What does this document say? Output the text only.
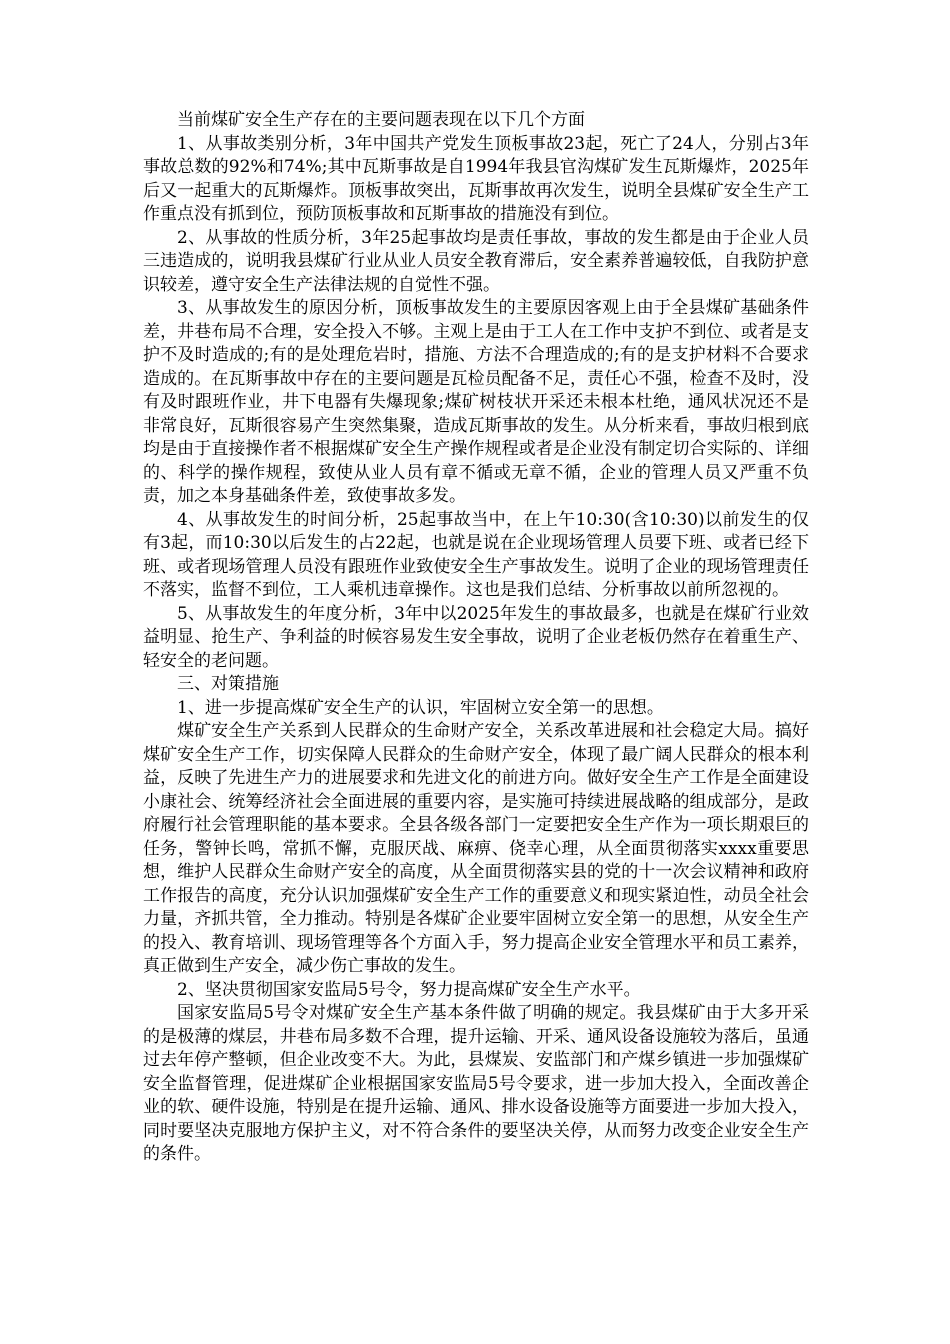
当前煤矿安全生产存在的主要问题表现在以下几个方面

1、从事故类别分析，3年中国共产党发生顶板事故23起，死亡了24人，分别占3年事故总数的92%和74%;其中瓦斯事故是自1994年我县官沟煤矿发生瓦斯爆炸，2025年后又一起重大的瓦斯爆炸。顶板事故突出，瓦斯事故再次发生，说明全县煤矿安全生产工作重点没有抓到位，预防顶板事故和瓦斯事故的措施没有到位。

2、从事故的性质分析，3年25起事故均是责任事故，事故的发生都是由于企业人员三违造成的，说明我县煤矿行业从业人员安全教育滞后，安全素养普遍较低，自我防护意识较差，遵守安全生产法律法规的自觉性不强。

3、从事故发生的原因分析，顶板事故发生的主要原因客观上由于全县煤矿基础条件差，井巷布局不合理，安全投入不够。主观上是由于工人在工作中支护不到位、或者是支护不及时造成的;有的是处理危岩时，措施、方法不合理造成的;有的是支护材料不合要求造成的。在瓦斯事故中存在的主要问题是瓦检员配备不足，责任心不强，检查不及时，没有及时跟班作业，井下电器有失爆现象;煤矿树枝状开采还未根本杜绝，通风状况还不是非常良好，瓦斯很容易产生突然集聚，造成瓦斯事故的发生。从分析来看，事故归根到底均是由于直接操作者不根据煤矿安全生产操作规程或者是企业没有制定切合实际的、详细的、科学的操作规程，致使从业人员有章不循或无章不循，企业的管理人员又严重不负责，加之本身基础条件差，致使事故多发。

4、从事故发生的时间分析，25起事故当中，在上午10:30(含10:30)以前发生的仅有3起，而10:30以后发生的占22起，也就是说在企业现场管理人员要下班、或者已经下班、或者现场管理人员没有跟班作业致使安全生产事故发生。说明了企业的现场管理责任不落实，监督不到位，工人乘机违章操作。这也是我们总结、分析事故以前所忽视的。

5、从事故发生的年度分析，3年中以2025年发生的事故最多，也就是在煤矿行业效益明显、抢生产、争利益的时候容易发生安全事故，说明了企业老板仍然存在着重生产、轻安全的老问题。

三、对策措施

1、进一步提高煤矿安全生产的认识，牢固树立安全第一的思想。

煤矿安全生产关系到人民群众的生命财产安全，关系改革进展和社会稳定大局。搞好煤矿安全生产工作，切实保障人民群众的生命财产安全，体现了最广阔人民群众的根本利益，反映了先进生产力的进展要求和先进文化的前进方向。做好安全生产工作是全面建设小康社会、统筹经济社会全面进展的重要内容，是实施可持续进展战略的组成部分，是政府履行社会管理职能的基本要求。全县各级各部门一定要把安全生产作为一项长期艰巨的任务，警钟长鸣，常抓不懈，克服厌战、麻痹、侥幸心理，从全面贯彻落实xxxx重要思想，维护人民群众生命财产安全的高度，从全面贯彻落实县的党的十一次会议精神和政府工作报告的高度，充分认识加强煤矿安全生产工作的重要意义和现实紧迫性，动员全社会力量，齐抓共管，全力推动。特别是各煤矿企业要牢固树立安全第一的思想，从安全生产的投入、教育培训、现场管理等各个方面入手，努力提高企业安全管理水平和员工素养，真正做到生产安全，减少伤亡事故的发生。

2、坚决贯彻国家安监局5号令，努力提高煤矿安全生产水平。

国家安监局5号令对煤矿安全生产基本条件做了明确的规定。我县煤矿由于大多开采的是极薄的煤层，井巷布局多数不合理，提升运输、开采、通风设备设施较为落后，虽通过去年停产整顿，但企业改变不大。为此，县煤炭、安监部门和产煤乡镇进一步加强煤矿安全监督管理，促进煤矿企业根据国家安监局5号令要求，进一步加大投入，全面改善企业的软、硬件设施，特别是在提升运输、通风、排水设备设施等方面要进一步加大投入，同时要坚决克服地方保护主义，对不符合条件的要坚决关停，从而努力改变企业安全生产的条件。
